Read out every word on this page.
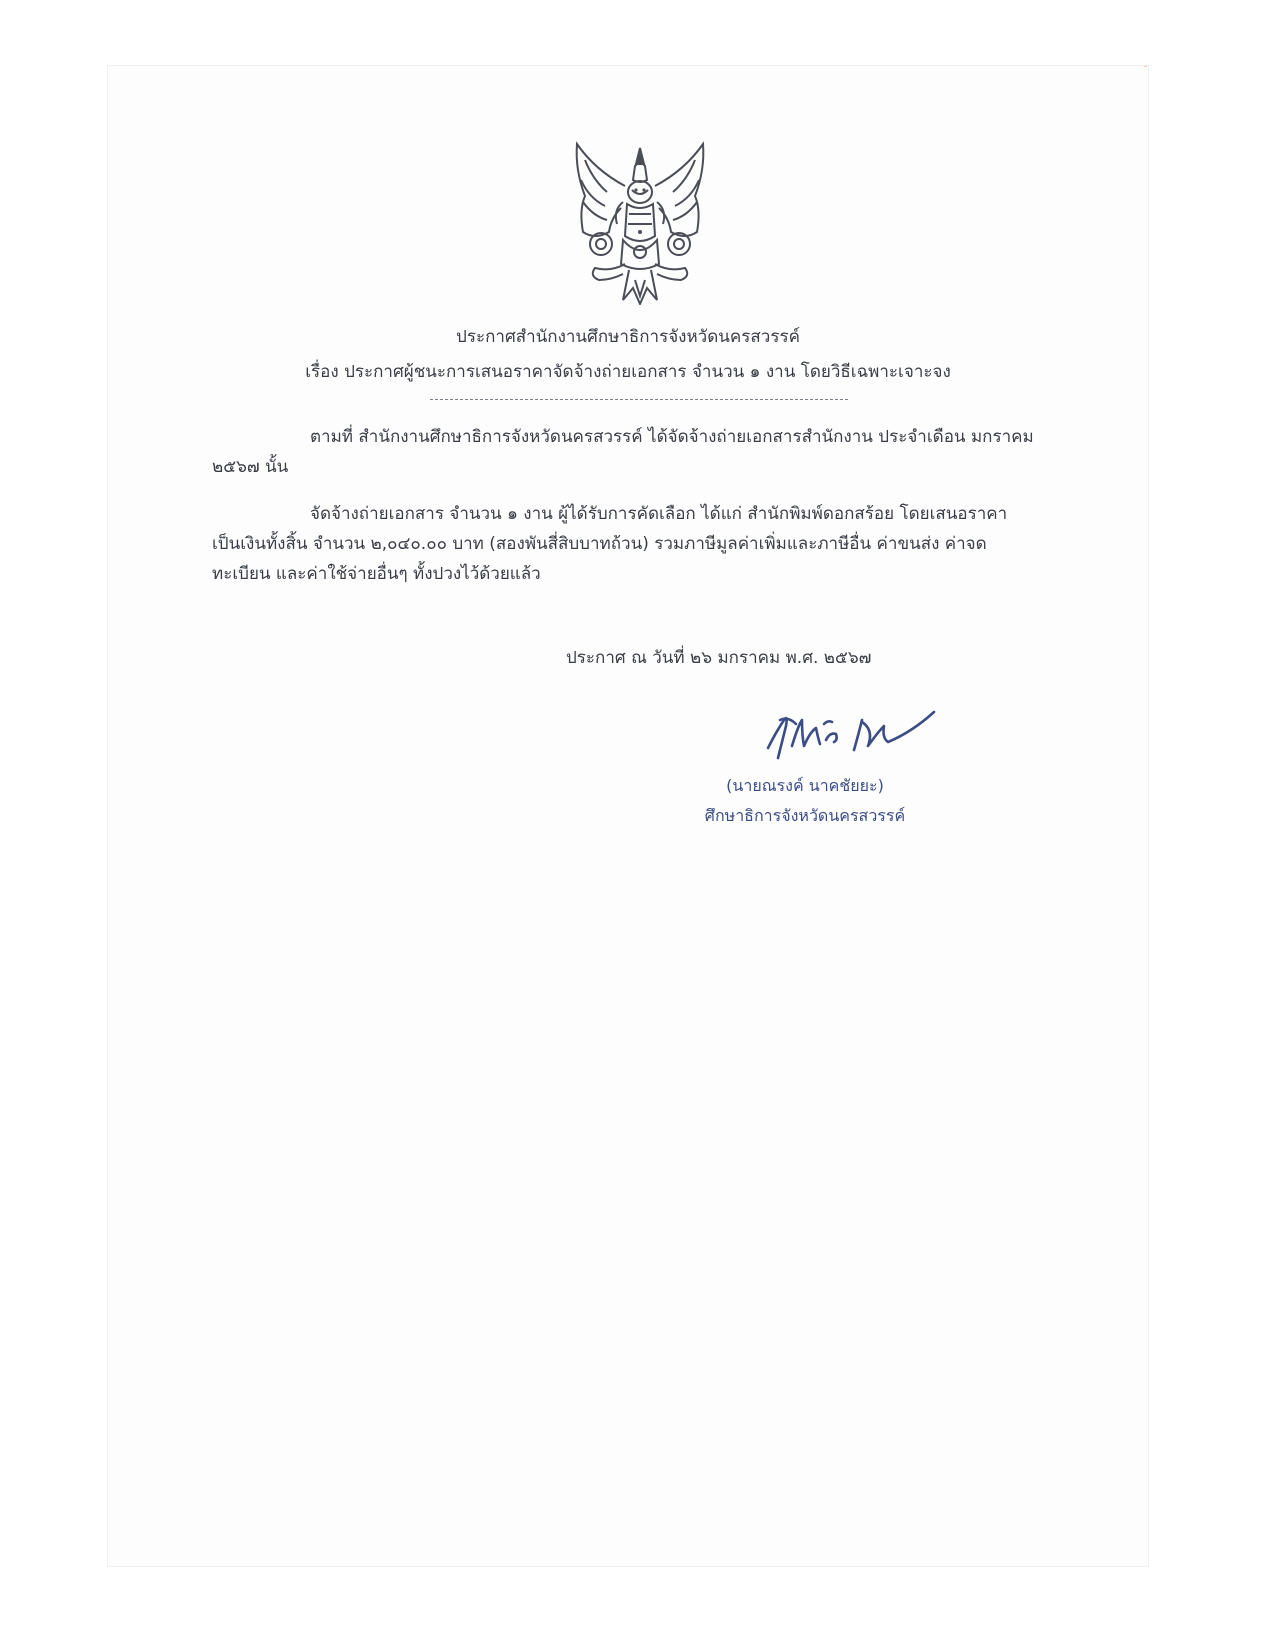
ประกาศสำนักงานศึกษาธิการจังหวัดนครสวรรค์
เรื่อง ประกาศผู้ชนะการเสนอราคาจัดจ้างถ่ายเอกสาร จำนวน ๑ งาน โดยวิธีเฉพาะเจาะจง
ตามที่ สำนักงานศึกษาธิการจังหวัดนครสวรรค์ ได้จัดจ้างถ่ายเอกสารสำนักงาน ประจำเดือน มกราคม
๒๕๖๗ นั้น
จัดจ้างถ่ายเอกสาร จำนวน ๑ งาน ผู้ได้รับการคัดเลือก ได้แก่ สำนักพิมพ์ดอกสร้อย โดยเสนอราคา
เป็นเงินทั้งสิ้น จำนวน ๒,๐๔๐.๐๐ บาท (สองพันสี่สิบบาทถ้วน) รวมภาษีมูลค่าเพิ่มและภาษีอื่น ค่าขนส่ง ค่าจด
ทะเบียน และค่าใช้จ่ายอื่นๆ ทั้งปวงไว้ด้วยแล้ว
ประกาศ ณ วันที่ ๒๖ มกราคม พ.ศ. ๒๕๖๗
(นายณรงค์ นาคชัยยะ)
ศึกษาธิการจังหวัดนครสวรรค์
